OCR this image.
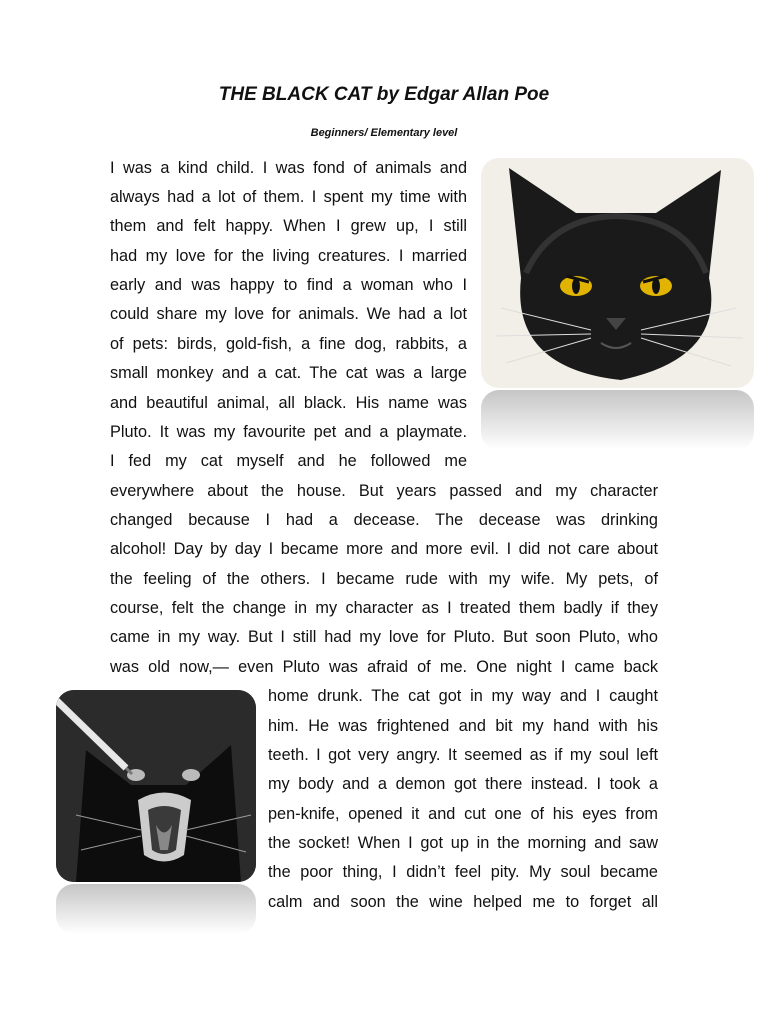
THE BLACK CAT by Edgar Allan Poe

Beginners/ Elementary level

I was a kind child. I was fond of animals and

always had a lot of them. I spent my time with

them and felt happy. When I grew up, I still

had my love for the living creatures. I married

early and was happy to find a woman who I

could share my love for animals. We had a lot

of pets: birds, gold-fish, a fine dog, rabbits, a

small monkey and a cat. The cat was a large

and beautiful animal, all black. His name was

Pluto. It was my favourite pet and a playmate.

I fed my cat myself and he followed me

everywhere about the house. But years passed and my character

changed because I had a decease. The decease was drinking

alcohol! Day by day I became more and more evil. I did not care about

the feeling of the others. I became rude with my wife. My pets, of

course, felt the change in my character as I treated them badly if they

came in my way. But I still had my love for Pluto. But soon Pluto, who

was old now,— even Pluto was afraid of me. One night I came back

home drunk. The cat got in my way and I caught

him. He was frightened and bit my hand with his

teeth. I got very angry. It seemed as if my soul left

my body and a demon got there instead. I took a

pen-knife, opened it and cut one of his eyes from

the socket! When I got up in the morning and saw

the poor thing, I didn’t feel pity. My soul became

calm and soon the wine helped me to forget all
